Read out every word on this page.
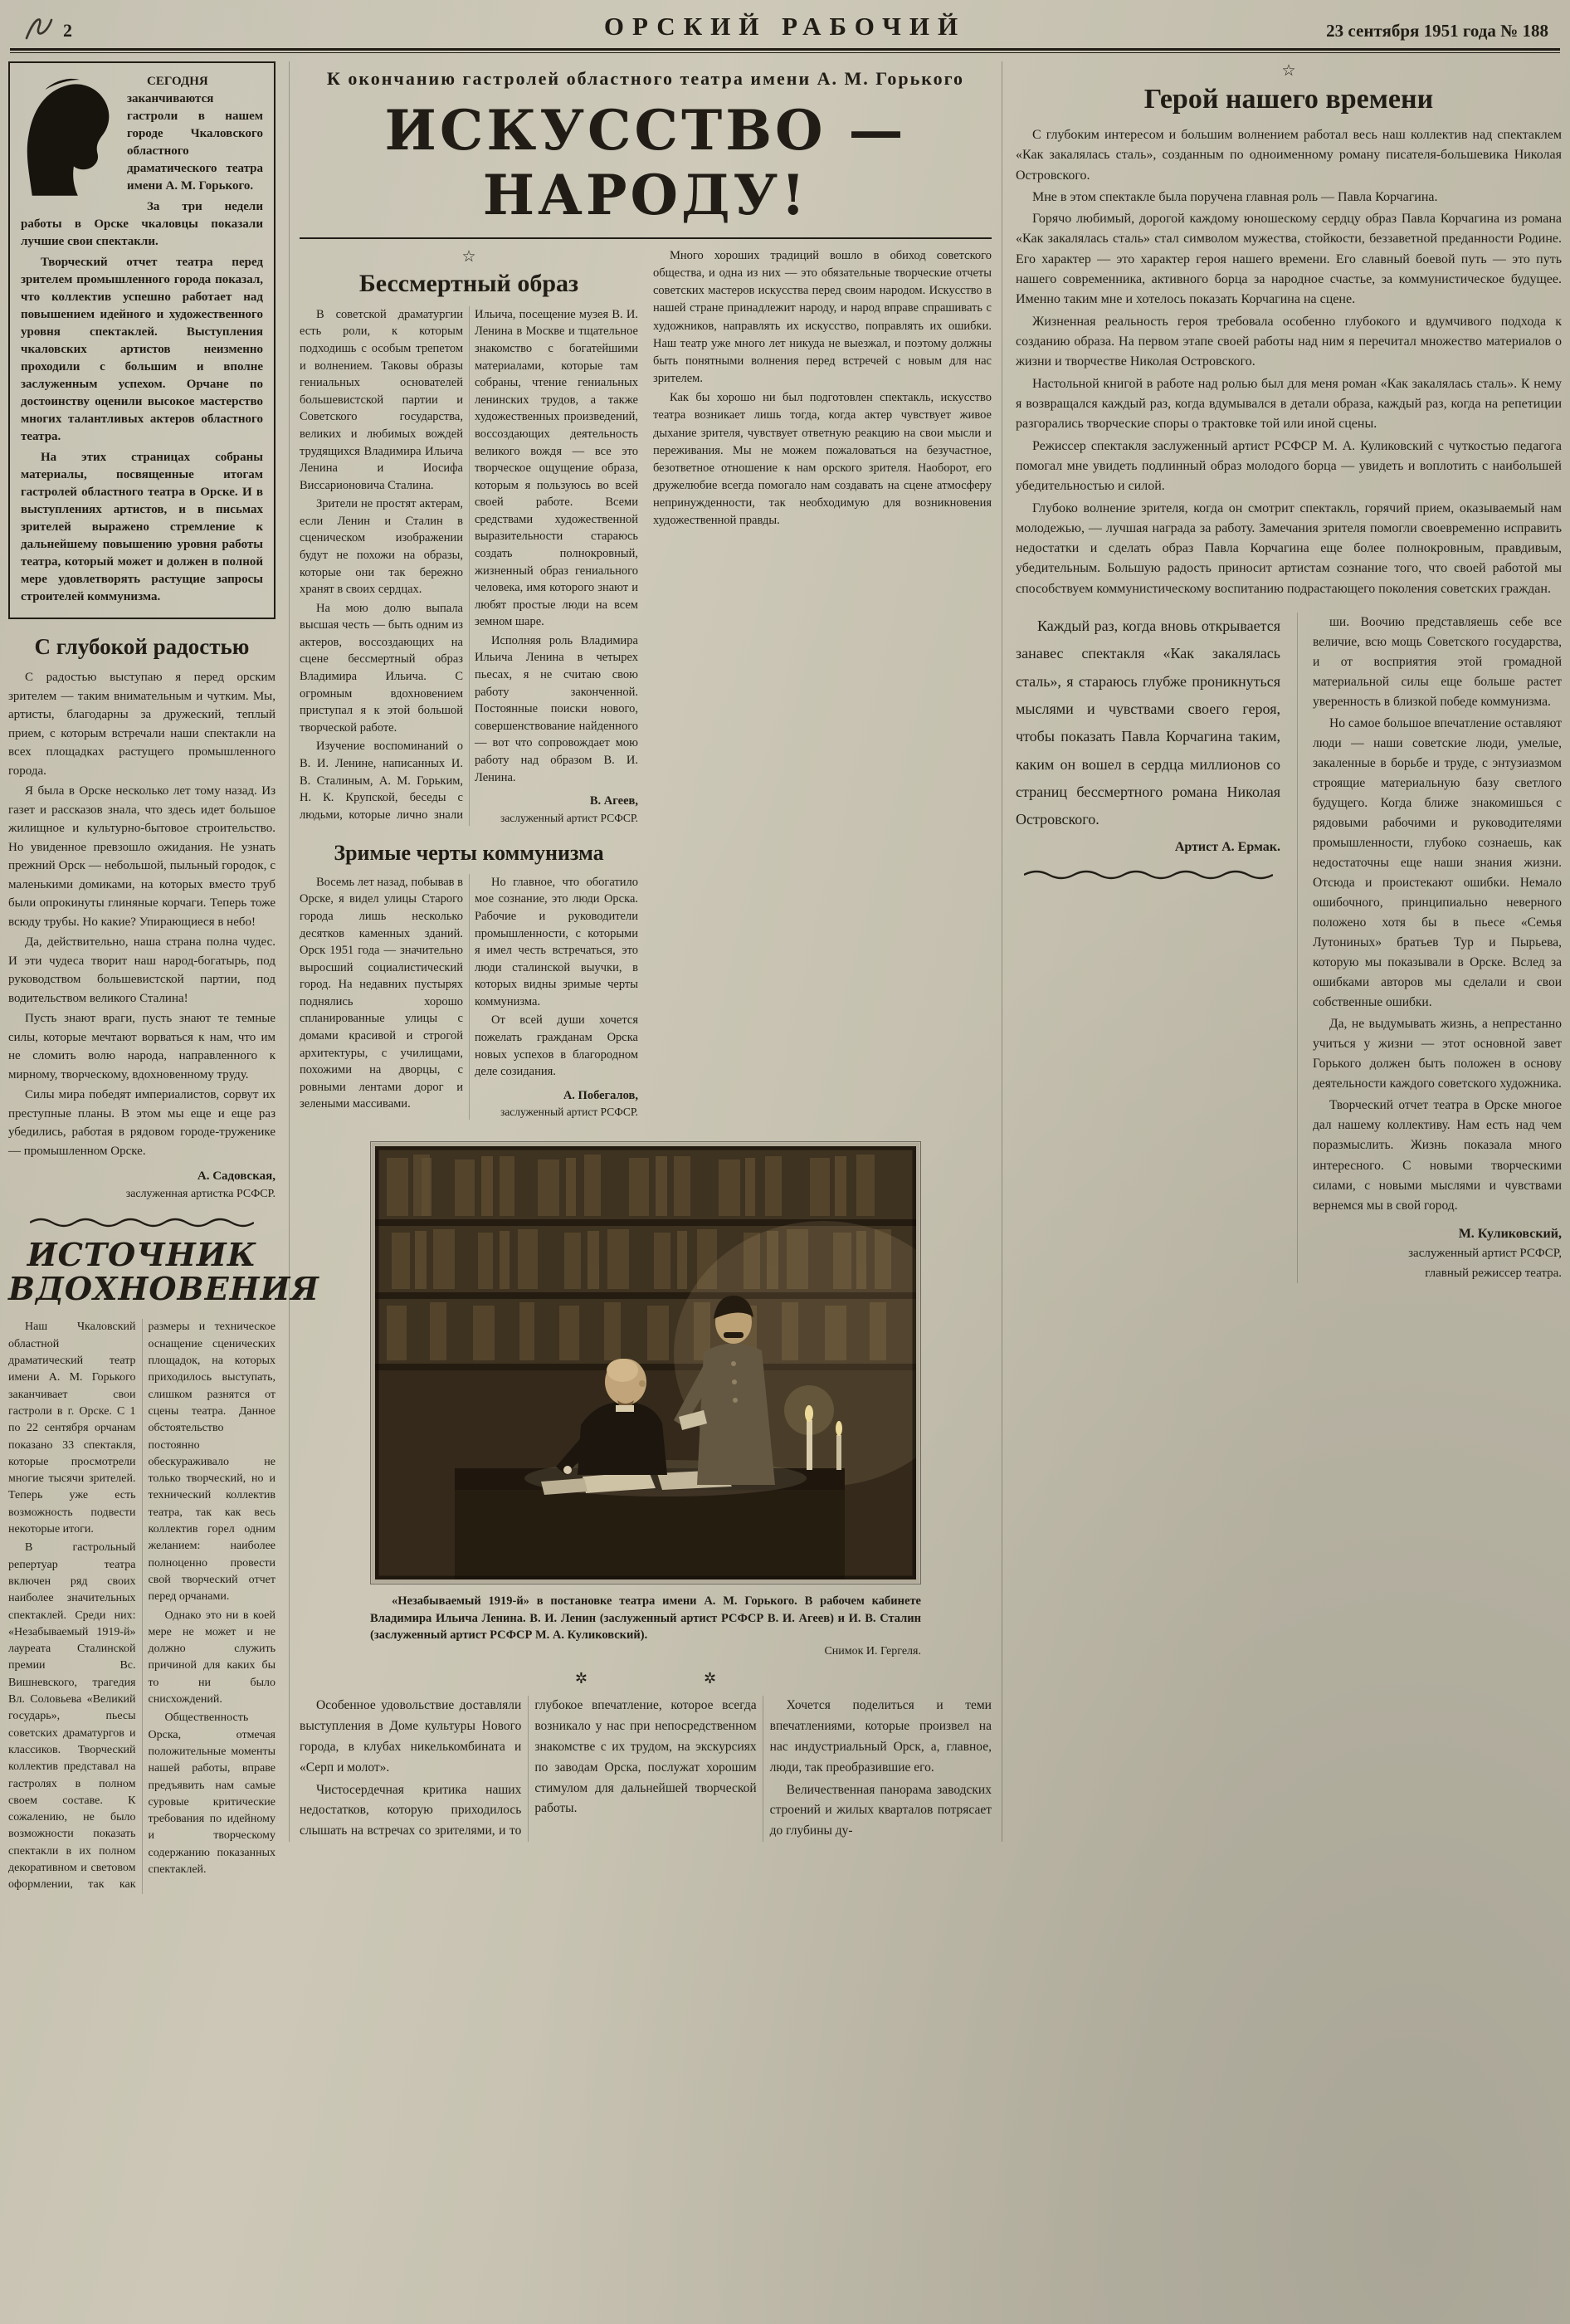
2	ОРСКИЙ РАБОЧИЙ	23 сентября 1951 года № 188

СЕГОДНЯ заканчиваются гастроли в нашем городе Чкаловского областного драматического театра имени А. М. Горького.

За три недели работы в Орске чкаловцы показали лучшие свои спектакли.

Творческий отчет театра перед зрителем промышленного города показал, что коллектив успешно работает над повышением идейного и художественного уровня спектаклей. Выступления чкаловских артистов неизменно проходили с большим и вполне заслуженным успехом. Орчане по достоинству оценили высокое мастерство многих талантливых актеров областного театра.

На этих страницах собраны материалы, посвященные итогам гастролей областного театра в Орске. И в выступлениях артистов, и в письмах зрителей выражено стремление к дальнейшему повышению уровня работы театра, который может и должен в полной мере удовлетворять растущие запросы строителей коммунизма.

С глубокой радостью

С радостью выступаю я перед орским зрителем — таким внимательным и чутким. Мы, артисты, благодарны за дружеский, теплый прием, с которым встречали наши спектакли на всех площадках растущего промышленного города.

Я была в Орске несколько лет тому назад. Из газет и рассказов знала, что здесь идет большое жилищное и культурно-бытовое строительство. Но увиденное превзошло ожидания. Не узнать прежний Орск — небольшой, пыльный городок, с маленькими домиками, на которых вместо труб были опрокинуты глиняные корчаги. Теперь тоже всюду трубы. Но какие? Упирающиеся в небо!

Да, действительно, наша страна полна чудес. И эти чудеса творит наш народ-богатырь, под руководством большевистской партии, под водительством великого Сталина!

Пусть знают враги, пусть знают те темные силы, которые мечтают ворваться к нам, что им не сломить волю народа, направленного к мирному, творческому, вдохновенному труду.

Силы мира победят империалистов, сорвут их преступные планы. В этом мы еще и еще раз убедились, работая в рядовом городе-труженике — промышленном Орске.

А. Садовская,

заслуженная артистка РСФСР.

ИСТОЧНИК
ВДОХНОВЕНИЯ

Наш Чкаловский областной драматический театр имени А. М. Горького заканчивает свои гастроли в г. Орске. С 1 по 22 сентября орчанам показано 33 спектакля, которые просмотрели многие тысячи зрителей. Теперь уже есть возможность подвести некоторые итоги.

В гастрольный репертуар театра включен ряд своих наиболее значительных спектаклей. Среди них: «Незабываемый 1919-й» лауреата Сталинской премии Вс. Вишневского, трагедия Вл. Соловьева «Великий государь», пьесы советских драматургов и классиков. Творческий коллектив представал на гастролях в полном своем составе. К сожалению, не было возможности показать спектакли в их полном декоративном и световом оформлении, так как размеры и техническое оснащение сценических площадок, на которых приходилось выступать, слишком разнятся от сцены театра. Данное обстоятельство постоянно обескураживало не только творческий, но и технический коллектив театра, так как весь коллектив горел одним желанием: наиболее полноценно провести свой творческий отчет перед орчанами.

Однако это ни в коей мере не может и не должно служить причиной для каких бы то ни было снисхождений.

Общественность Орска, отмечая положительные моменты нашей работы, вправе предъявить нам самые суровые критические требования по идейному и творческому содержанию показанных спектаклей.

К окончанию гастролей областного театра имени А. М. Горького
ИСКУССТВО — НАРОДУ!
☆
Бессмертный образ

В советской драматургии есть роли, к которым подходишь с особым трепетом и волнением. Таковы образы гениальных основателей большевистской партии и Советского государства, великих и любимых вождей трудящихся Владимира Ильича Ленина и Иосифа Виссарионовича Сталина.

Зрители не простят актерам, если Ленин и Сталин в сценическом изображении будут не похожи на образы, которые они так бережно хранят в своих сердцах.

На мою долю выпала высшая честь — быть одним из актеров, воссоздающих на сцене бессмертный образ Владимира Ильича. С огромным вдохновением приступал я к этой большой творческой работе.

Изучение воспоминаний о В. И. Ленине, написанных И. В. Сталиным, А. М. Горьким, Н. К. Крупской, беседы с людьми, которые лично знали Ильича, посещение музея В. И. Ленина в Москве и тщательное знакомство с богатейшими материалами, которые там собраны, чтение гениальных ленинских трудов, а также художественных произведений, воссоздающих деятельность великого вождя — все это творческое ощущение образа, которым я пользуюсь во всей своей работе. Всеми средствами художественной выразительности стараюсь создать полнокровный, жизненный образ гениального человека, имя которого знают и любят простые люди на всем земном шаре.

Исполняя роль Владимира Ильича Ленина в четырех пьесах, я не считаю свою работу законченной. Постоянные поиски нового, совершенствование найденного — вот что сопровождает мою работу над образом В. И. Ленина.

В. Агеев,

заслуженный артист РСФСР.

Зримые черты коммунизма

Восемь лет назад, побывав в Орске, я видел улицы Старого города лишь несколько десятков каменных зданий. Орск 1951 года — значительно выросший социалистический город. На недавних пустырях поднялись хорошо спланированные улицы с домами красивой и строгой архитектуры, с училищами, похожими на дворцы, с ровными лентами дорог и зелеными массивами.

Но главное, что обогатило мое сознание, это люди Орска. Рабочие и руководители промышленности, с которыми я имел честь встречаться, это люди сталинской выучки, в которых видны зримые черты коммунизма.

От всей души хочется пожелать гражданам Орска новых успехов в благородном деле созидания.

А. Побегалов,

заслуженный артист РСФСР.

Много хороших традиций вошло в обиход советского общества, и одна из них — это обязательные творческие отчеты советских мастеров искусства перед своим народом. Искусство в нашей стране принадлежит народу, и народ вправе спрашивать с художников, направлять их искусство, поправлять их ошибки. Наш театр уже много лет никуда не выезжал, и поэтому должны быть понятными волнения перед встречей с новым для нас зрителем.

Как бы хорошо ни был подготовлен спектакль, искусство театра возникает лишь тогда, когда актер чувствует живое дыхание зрителя, чувствует ответную реакцию на свои мысли и переживания. Мы не можем пожаловаться на безучастное, безответное отношение к нам орского зрителя. Наоборот, его дружелюбие всегда помогало нам создавать на сцене атмосферу непринужденности, так необходимую для возникновения художественной правды.

«Незабываемый 1919-й» в постановке театра имени А. М. Горького. В рабочем кабинете Владимира Ильича Ленина. В. И. Ленин (заслуженный артист РСФСР В. И. Агеев) и И. В. Сталин (заслуженный артист РСФСР М. А. Куликовский).

Снимок И. Гергеля.

✲✲

Особенное удовольствие доставляли выступления в Доме культуры Нового города, в клубах никелькомбината и «Серп и молот».

Чистосердечная критика наших недостатков, которую приходилось слышать на встречах со зрителями, и то глубокое впечатление, которое всегда возникало у нас при непосредственном знакомстве с их трудом, на экскурсиях по заводам Орска, послужат хорошим стимулом для дальнейшей творческой работы.

Хочется поделиться и теми впечатлениями, которые произвел на нас индустриальный Орск, а, главное, люди, так преобразившие его.

Величественная панорама заводских строений и жилых кварталов потрясает до глубины ду-

☆
Герой нашего времени

С глубоким интересом и большим волнением работал весь наш коллектив над спектаклем «Как закалялась сталь», созданным по одноименному роману писателя-большевика Николая Островского.

Мне в этом спектакле была поручена главная роль — Павла Корчагина.

Горячо любимый, дорогой каждому юношескому сердцу образ Павла Корчагина из романа «Как закалялась сталь» стал символом мужества, стойкости, беззаветной преданности Родине. Его характер — это характер героя нашего времени. Его славный боевой путь — это путь нашего современника, активного борца за народное счастье, за коммунистическое будущее. Именно таким мне и хотелось показать Корчагина на сцене.

Жизненная реальность героя требовала особенно глубокого и вдумчивого подхода к созданию образа. На первом этапе своей работы над ним я перечитал множество материалов о жизни и творчестве Николая Островского.

Настольной книгой в работе над ролью был для меня роман «Как закалялась сталь». К нему я возвращался каждый раз, когда вдумывался в детали образа, каждый раз, когда на репетиции разгорались творческие споры о трактовке той или иной сцены.

Режиссер спектакля заслуженный артист РСФСР М. А. Куликовский с чуткостью педагога помогал мне увидеть подлинный образ молодого борца — увидеть и воплотить с наибольшей убедительностью и силой.

Глубоко волнение зрителя, когда он смотрит спектакль, горячий прием, оказываемый нам молодежью, — лучшая награда за работу. Замечания зрителя помогли своевременно исправить недостатки и сделать образ Павла Корчагина еще более полнокровным, правдивым, убедительным. Большую радость приносит артистам сознание того, что своей работой мы способствуем коммунистическому воспитанию подрастающего поколения советских граждан.

Каждый раз, когда вновь открывается занавес спектакля «Как закалялась сталь», я стараюсь глубже проникнуться мыслями и чувствами своего героя, чтобы показать Павла Корчагина таким, каким он вошел в сердца миллионов со страниц бессмертного романа Николая Островского.

Артист А. Ермак.

ши. Воочию представляешь себе все величие, всю мощь Советского государства, и от восприятия этой громадной материальной силы еще больше растет уверенность в близкой победе коммунизма.

Но самое большое впечатление оставляют люди — наши советские люди, умелые, закаленные в борьбе и труде, с энтузиазмом строящие материальную базу светлого будущего. Когда ближе знакомишься с рядовыми рабочими и руководителями промышленности, глубоко сознаешь, как недостаточны еще наши знания жизни. Отсюда и проистекают ошибки. Немало ошибочного, принципиально неверного положено хотя бы в пьесе «Семья Лутониных» братьев Тур и Пырьева, которую мы показывали в Орске. Вслед за ошибками авторов мы сделали и свои собственные ошибки.

Да, не выдумывать жизнь, а непрестанно учиться у жизни — этот основной завет Горького должен быть положен в основу деятельности каждого советского художника.

Творческий отчет театра в Орске многое дал нашему коллективу. Нам есть над чем поразмыслить. Жизнь показала много интересного. С новыми творческими силами, с новыми мыслями и чувствами вернемся мы в свой город.

М. Куликовский,
заслуженный артист РСФСР,
главный режиссер театра.
